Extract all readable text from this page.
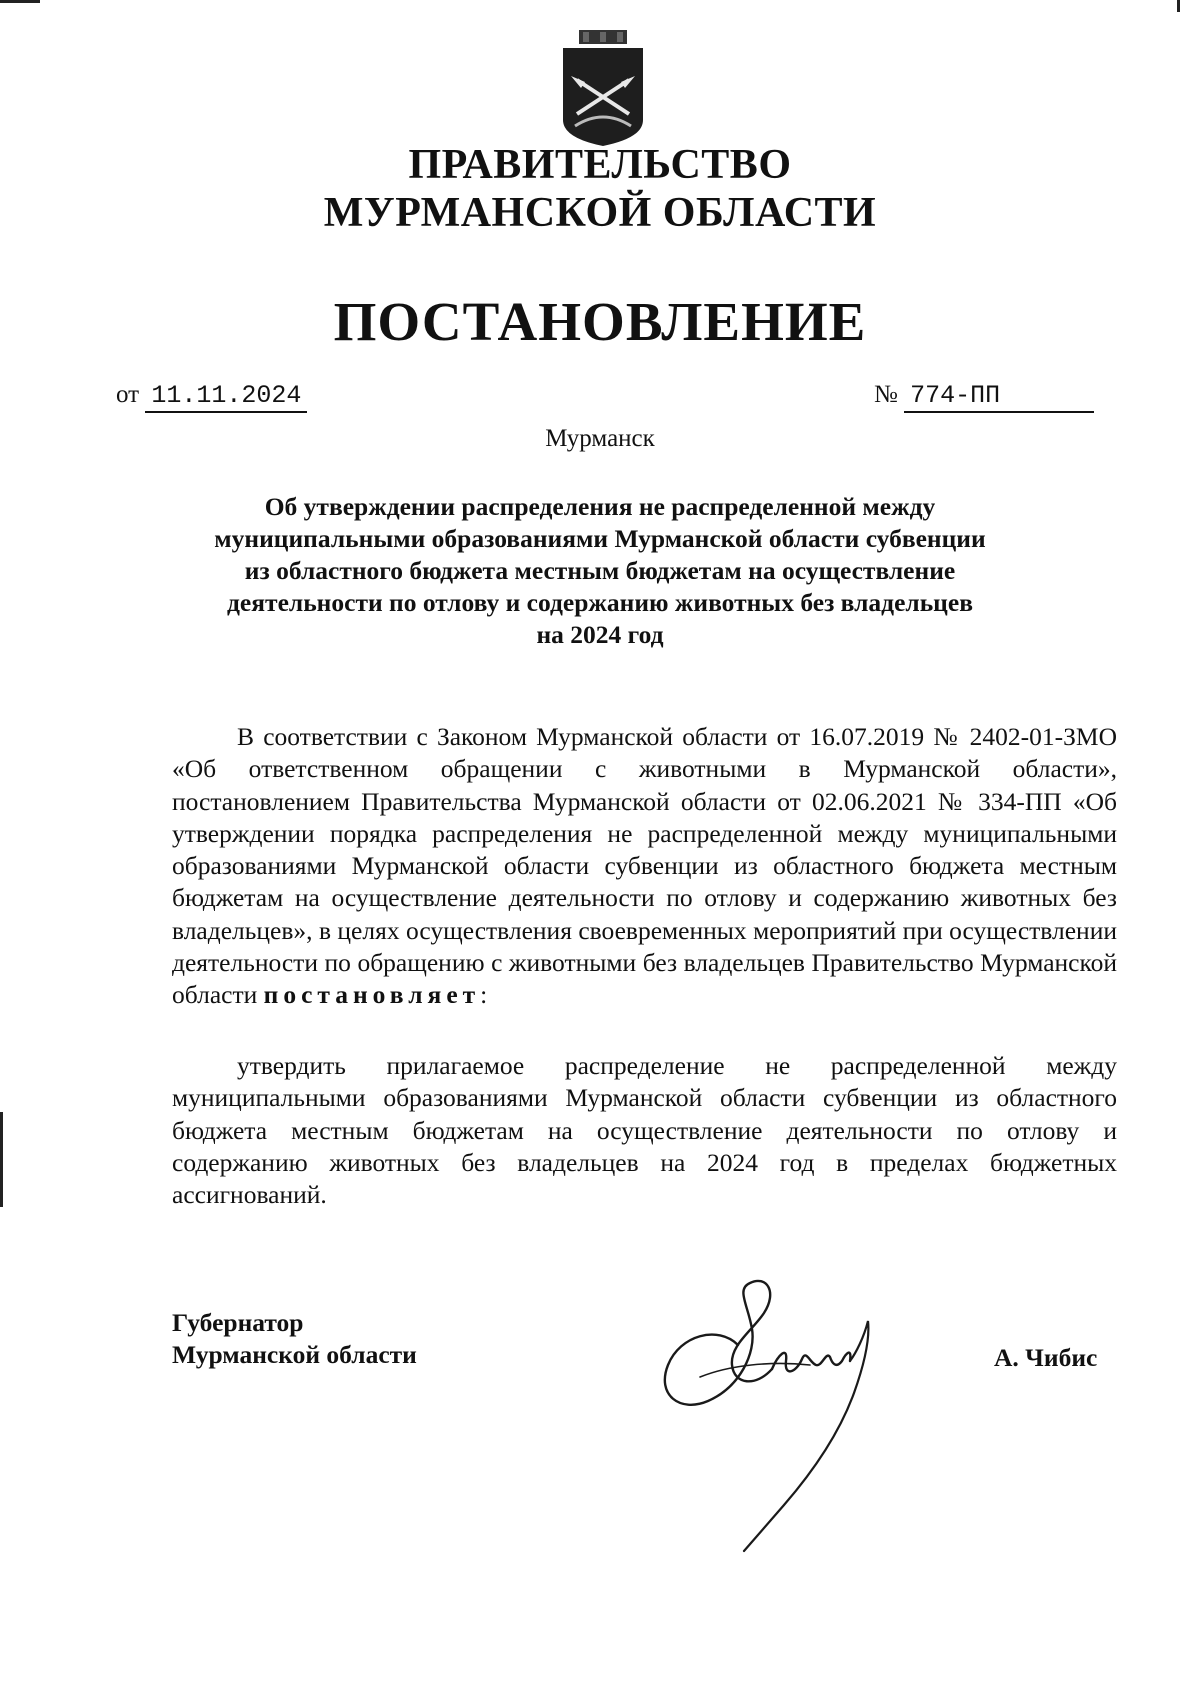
ПРАВИТЕЛЬСТВО
МУРМАНСКОЙ ОБЛАСТИ
ПОСТАНОВЛЕНИЕ
от 11.11.2024	№ 774-ПП
Мурманск
Об утверждении распределения не распределенной между
муниципальными образованиями Мурманской области субвенции
из областного бюджета местным бюджетам на осуществление
деятельности по отлову и содержанию животных без владельцев
на 2024 год

В соответствии с Законом Мурманской области от 16.07.2019 № 2402-01-ЗМО «Об ответственном обращении с животными в Мурманской области», постановлением Правительства Мурманской области от 02.06.2021 № 334-ПП «Об утверждении порядка распределения не распределенной между муниципальными образованиями Мурманской области субвенции из областного бюджета местным бюджетам на осуществление деятельности по отлову и содержанию животных без владельцев», в целях осуществления своевременных мероприятий при осуществлении деятельности по обращению с животными без владельцев Правительство Мурманской области постановляет:

утвердить прилагаемое распределение не распределенной между муниципальными образованиями Мурманской области субвенции из областного бюджета местным бюджетам на осуществление деятельности по отлову и содержанию животных без владельцев на 2024 год в пределах бюджетных ассигнований.

Губернатор
Мурманской области	А. Чибис
